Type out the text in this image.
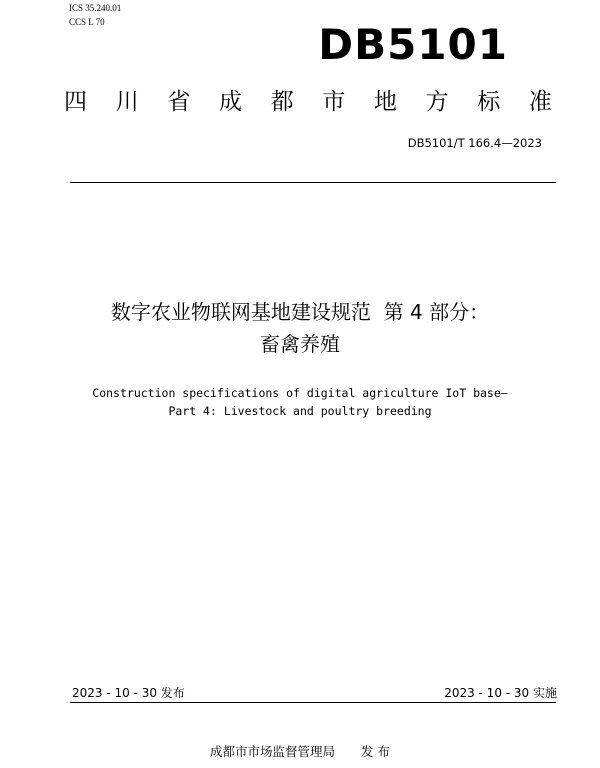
ICS 35.240.01
CCS L 70	DB5101
四 川 省 成 都 市 地 方 标 准
DB5101/T 166.4—2023
数字农业物联网基地建设规范  第 4 部分：
畜禽养殖
Construction specifications of digital agriculture IoT base—
Part 4: Livestock and poultry breeding
2023 - 10 - 30 发布	2023 - 10 - 30 实施
成都市市场监督管理局 发 布
